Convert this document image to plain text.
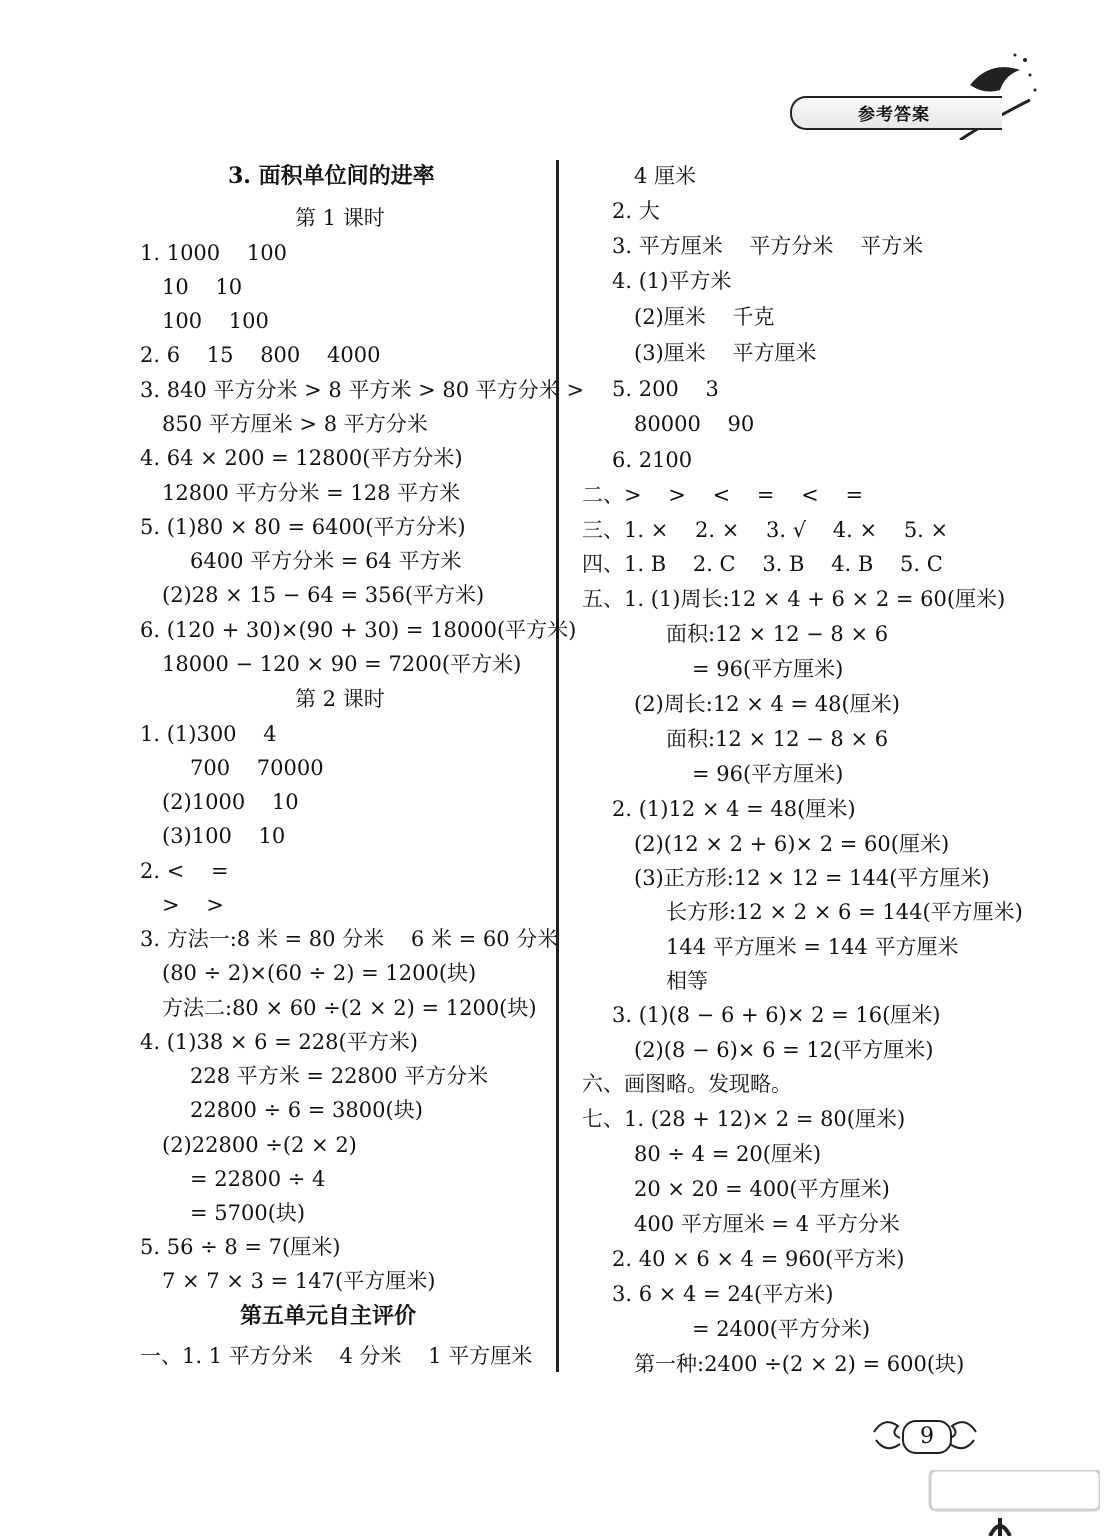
参考答案
3. 面积单位间的进率
第 1 课时
1. 1000    100
10    10
100    100
2. 6    15    800    4000
3. 840 平方分米 > 8 平方米 > 80 平方分米 >
850 平方厘米 > 8 平方分米
4. 64 × 200 = 12800(平方分米)
12800 平方分米 = 128 平方米
5. (1)80 × 80 = 6400(平方分米)
6400 平方分米 = 64 平方米
(2)28 × 15 − 64 = 356(平方米)
6. (120 + 30)×(90 + 30) = 18000(平方米)
18000 − 120 × 90 = 7200(平方米)
第 2 课时
1. (1)300    4
700    70000
(2)1000    10
(3)100    10
2. <    =
>    >
3. 方法一:8 米 = 80 分米    6 米 = 60 分米
(80 ÷ 2)×(60 ÷ 2) = 1200(块)
方法二:80 × 60 ÷(2 × 2) = 1200(块)
4. (1)38 × 6 = 228(平方米)
228 平方米 = 22800 平方分米
22800 ÷ 6 = 3800(块)
(2)22800 ÷(2 × 2)
= 22800 ÷ 4
= 5700(块)
5. 56 ÷ 8 = 7(厘米)
7 × 7 × 3 = 147(平方厘米)
第五单元自主评价
一、1. 1 平方分米    4 分米    1 平方厘米
4 厘米
2. 大
3. 平方厘米    平方分米    平方米
4. (1)平方米
(2)厘米    千克
(3)厘米    平方厘米
5. 200    3
80000    90
6. 2100
二、>    >    <    =    <    =
三、1. ×    2. ×    3. √    4. ×    5. ×
四、1. B    2. C    3. B    4. B    5. C
五、1. (1)周长:12 × 4 + 6 × 2 = 60(厘米)
面积:12 × 12 − 8 × 6
= 96(平方厘米)
(2)周长:12 × 4 = 48(厘米)
面积:12 × 12 − 8 × 6
= 96(平方厘米)
2. (1)12 × 4 = 48(厘米)
(2)(12 × 2 + 6)× 2 = 60(厘米)
(3)正方形:12 × 12 = 144(平方厘米)
长方形:12 × 2 × 6 = 144(平方厘米)
144 平方厘米 = 144 平方厘米
相等
3. (1)(8 − 6 + 6)× 2 = 16(厘米)
(2)(8 − 6)× 6 = 12(平方厘米)
六、画图略。发现略。
七、1. (28 + 12)× 2 = 80(厘米)
80 ÷ 4 = 20(厘米)
20 × 20 = 400(平方厘米)
400 平方厘米 = 4 平方分米
2. 40 × 6 × 4 = 960(平方米)
3. 6 × 4 = 24(平方米)
= 2400(平方分米)
第一种:2400 ÷(2 × 2) = 600(块)
9
